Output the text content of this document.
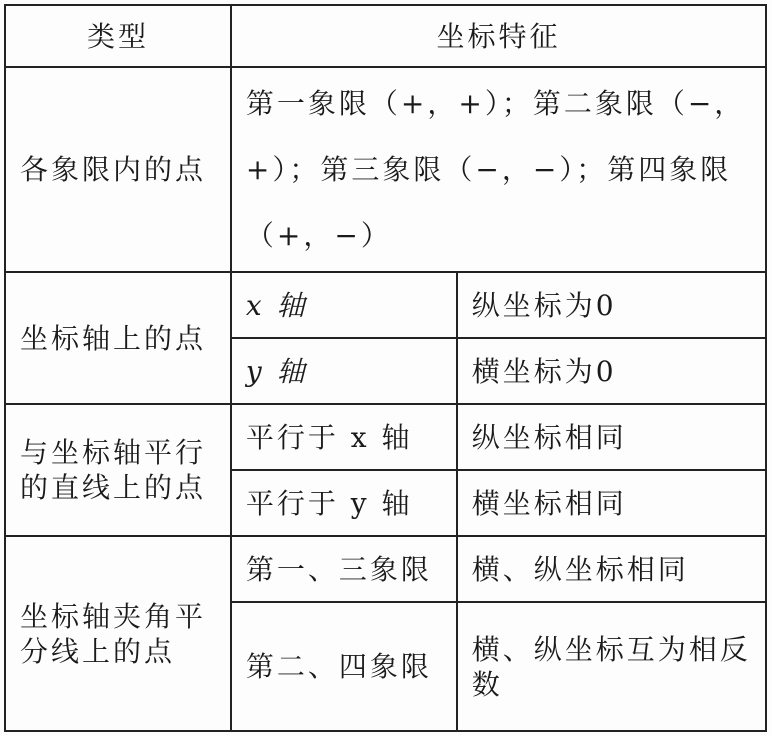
类型	坐标特征	
各象限内的点	第一象限（+，+）；第二象限（−，+）；第三象限（−，−）；第四象限（+，−）	

坐标轴上的点	x 轴	纵坐标为0
	y 轴	横坐标为0
与坐标轴平行的直线上的点	平行于 x 轴	纵坐标相同
	平行于 y 轴	横坐标相同
坐标轴夹角平分线上的点	第一、三象限	横、纵坐标相同
	第二、四象限	横、纵坐标互为相反数
